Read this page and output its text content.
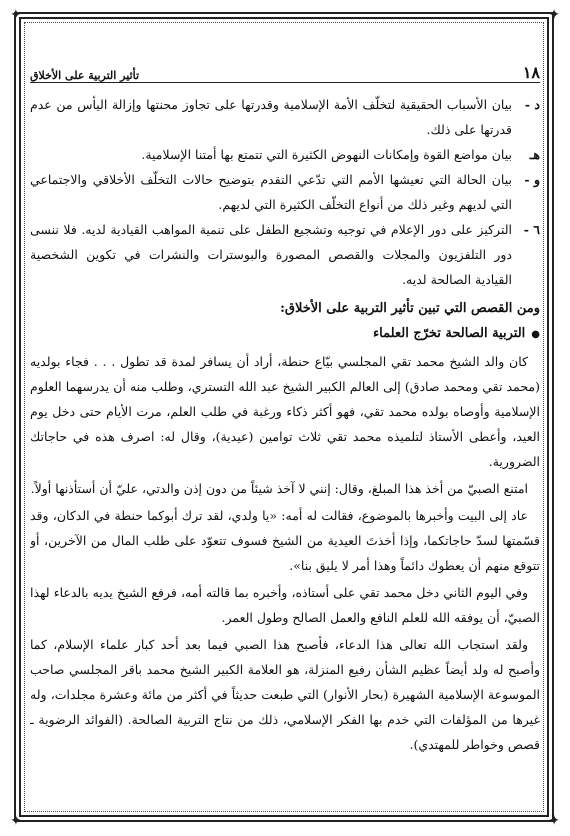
✦	✦
✦	✦
١٨
تأثير التربية على الأخلاق
د -
بيان الأسباب الحقيقية لتخلّف الأمة الإسلامية وقدرتها على تجاوز محنتها وإزالة اليأس من عدم قدرتها على ذلك.
هـ
بيان مواضع القوة وإمكانات النهوض الكثيرة التي تتمتع بها أمتنا الإسلامية.
و -
بيان الحالة التي تعيشها الأمم التي تدّعي التقدم بتوضيح حالات التخلّف الأخلاقي والاجتماعي التي لديهم وغير ذلك من أنواع التخلّف الكثيرة التي لديهم.
٦ -
التركيز على دور الإعلام في توجيه وتشجيع الطفل على تنمية المواهب القيادية لديه. فلا ننسى دور التلفزيون والمجلات والقصص المصورة والبوسترات والنشرات في تكوين الشخصية القيادية الصالحة لديه.
ومن القصص التي تبين تأثير التربية على الأخلاق:
●التربية الصالحة تخرّج العلماء

كان والد الشيخ محمد تقي المجلسي بيّاع حنطة، أراد أن يسافر لمدة قد تطول . . . فجاء بولديه (محمد تقي ومحمد صادق) إلى العالم الكبير الشيخ عبد الله التستري، وطلب منه أن يدرسهما العلوم الإسلامية وأوصاه بولده محمد تقي، فهو أكثر ذكاء ورغبة في طلب العلم، مرت الأيام حتى دخل يوم العيد، وأعطى الأستاذ لتلميذه محمد تقي ثلاث توامين (عيدية)، وقال له: اصرف هذه في حاجاتك الضرورية.

امتنع الصبيّ من أخذ هذا المبلغ، وقال: إنني لا آخذ شيئاً من دون إذن والدتي، عليّ أن أستأذنها أولاً.

عاد إلى البيت وأخبرها بالموضوع، فقالت له أمه: «يا ولدي، لقد ترك أبوكما حنطة في الدكان، وقد قسّمتها لسدّ حاجاتكما، وإذا أخذتَ العيدية من الشيخ فسوف تتعوّد على طلب المال من الآخرين، أو تتوقع منهم أن يعطوك دائماً وهذا أمر لا يليق بنا».

وفي اليوم الثاني دخل محمد تقي على أستاذه، وأخبره بما قالته أمه، فرفع الشيخ يديه بالدعاء لهذا الصبيّ، أن يوفقه الله للعلم النافع والعمل الصالح وطول العمر.

ولقد استجاب الله تعالى هذا الدعاء، فأصبح هذا الصبي فيما بعد أحد كبار علماء الإسلام، كما وأصبح له ولد أيضاً عظيم الشأن رفيع المنزلة، هو العلامة الكبير الشيخ محمد باقر المجلسي صاحب الموسوعة الإسلامية الشهيرة (بحار الأنوار) التي طبعت حديثاً في أكثر من مائة وعشرة مجلدات، وله غيرها من المؤلفات التي خدم بها الفكر الإسلامي، ذلك من نتاج التربية الصالحة. (الفوائد الرضوية ـ قصص وخواطر للمهتدي).
